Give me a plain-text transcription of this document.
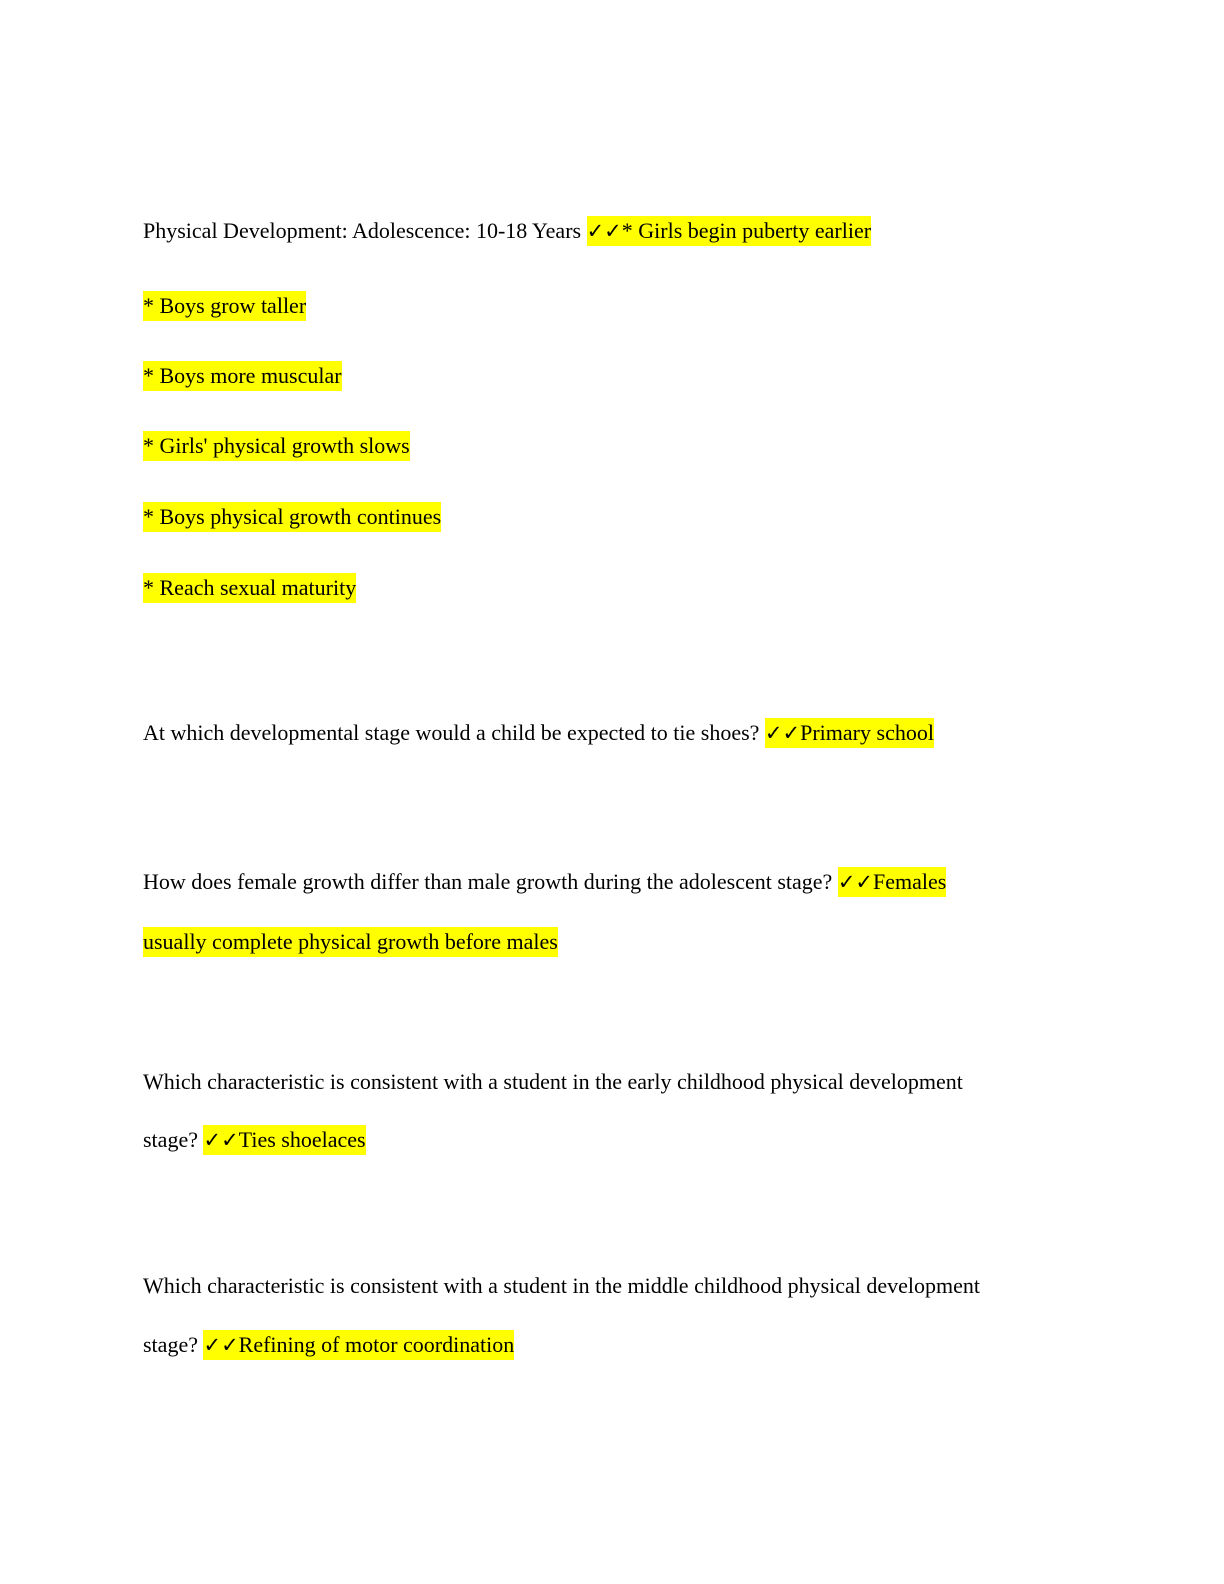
Physical Development: Adolescence: 10-18 Years ✓✓* Girls begin puberty earlier
* Boys grow taller
* Boys more muscular
* Girls' physical growth slows
* Boys physical growth continues
* Reach sexual maturity
At which developmental stage would a child be expected to tie shoes? ✓✓Primary school
How does female growth differ than male growth during the adolescent stage? ✓✓Females
usually complete physical growth before males
Which characteristic is consistent with a student in the early childhood physical development
stage? ✓✓Ties shoelaces
Which characteristic is consistent with a student in the middle childhood physical development
stage? ✓✓Refining of motor coordination
